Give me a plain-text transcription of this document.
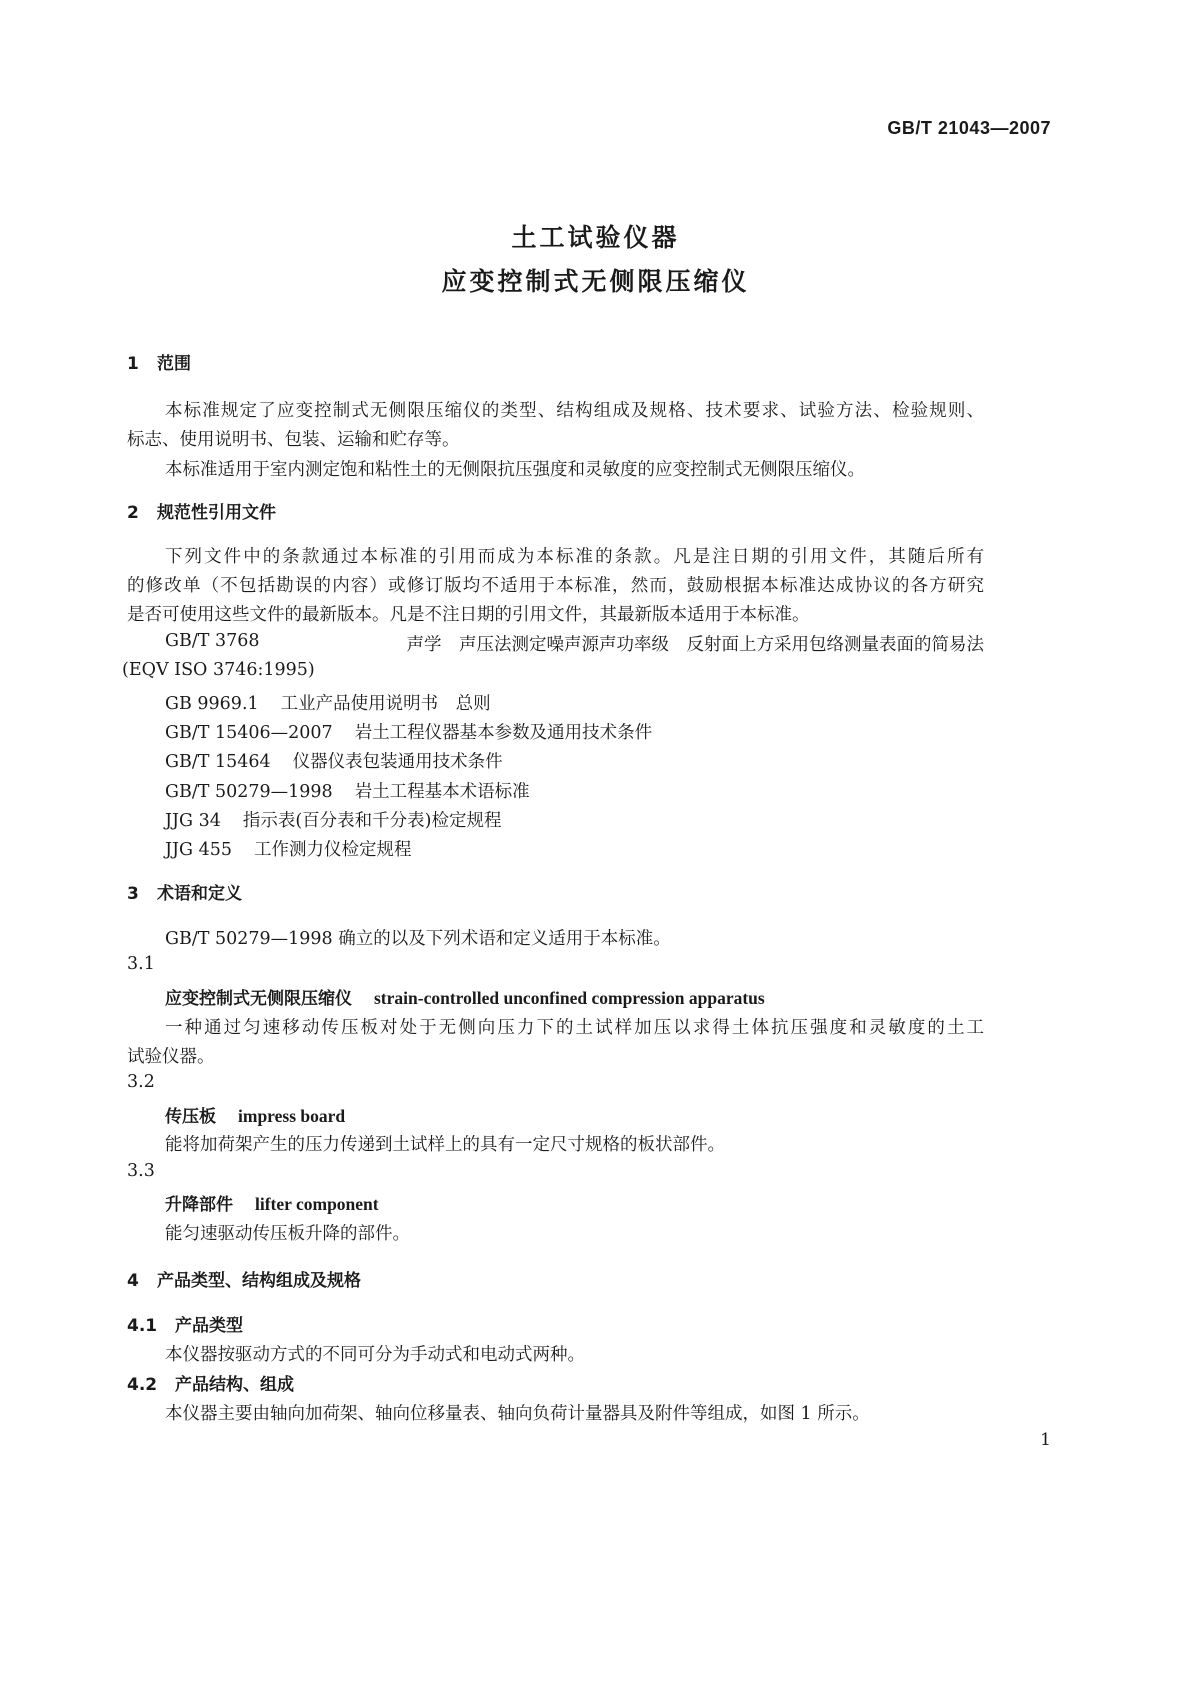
GB/T 21043—2007
土工试验仪器
应变控制式无侧限压缩仪
1 范围
本标准规定了应变控制式无侧限压缩仪的类型、结构组成及规格、技术要求、试验方法、检验规则、
标志、使用说明书、包装、运输和贮存等。
本标准适用于室内测定饱和粘性土的无侧限抗压强度和灵敏度的应变控制式无侧限压缩仪。
2 规范性引用文件
下列文件中的条款通过本标准的引用而成为本标准的条款。凡是注日期的引用文件，其随后所有
的修改单（不包括勘误的内容）或修订版均不适用于本标准，然而，鼓励根据本标准达成协议的各方研究
是否可使用这些文件的最新版本。凡是不注日期的引用文件，其最新版本适用于本标准。
GB/T 3768	声学　声压法测定噪声源声功率级　反射面上方采用包络测量表面的简易法
(EQV ISO 3746:1995)
GB 9969.1 工业产品使用说明书　总则
GB/T 15406—2007 岩土工程仪器基本参数及通用技术条件
GB/T 15464 仪器仪表包装通用技术条件
GB/T 50279—1998 岩土工程基本术语标准
JJG 34 指示表(百分表和千分表)检定规程
JJG 455 工作测力仪检定规程
3 术语和定义
GB/T 50279—1998 确立的以及下列术语和定义适用于本标准。
3.1
应变控制式无侧限压缩仪 strain-controlled unconfined compression apparatus
一种通过匀速移动传压板对处于无侧向压力下的土试样加压以求得土体抗压强度和灵敏度的土工
试验仪器。
3.2
传压板 impress board
能将加荷架产生的压力传递到土试样上的具有一定尺寸规格的板状部件。
3.3
升降部件 lifter component
能匀速驱动传压板升降的部件。
4 产品类型、结构组成及规格
4.1 产品类型
本仪器按驱动方式的不同可分为手动式和电动式两种。
4.2 产品结构、组成
本仪器主要由轴向加荷架、轴向位移量表、轴向负荷计量器具及附件等组成，如图 1 所示。
1
